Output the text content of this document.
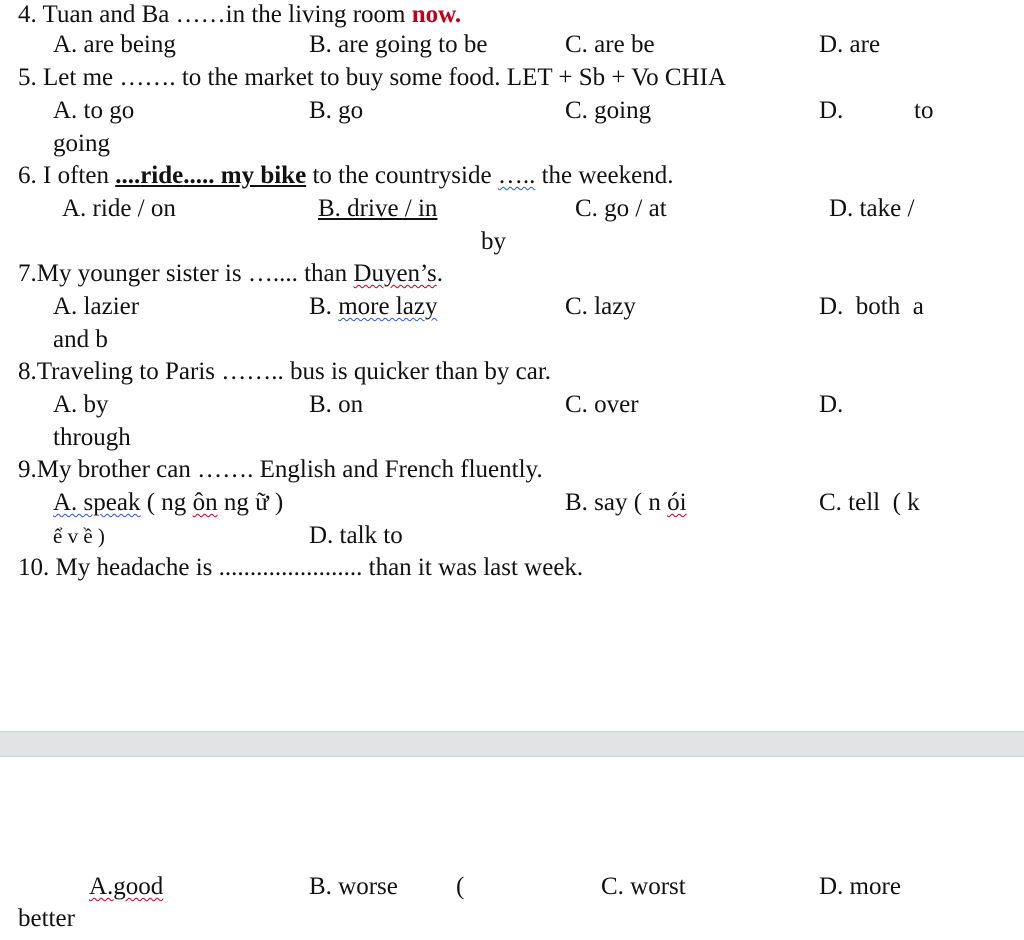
4. Tuan and Ba ……in the living room now.
A. are being	B. are going to be	C. are be	D. are
5. Let me ……. to the market to buy some food. LET + Sb + Vo CHIA
A. to go	B. go	C. going	D.	to
going
6. I often ....ride..... my bike to the countryside ….. the weekend.
A. ride / on	B. drive / in	C. go / at	D. take /
by
7.My younger sister is ….... than Duyen’s.
A. lazier	B. more lazy	C. lazy	D.  both  a
and b
8.Traveling to Paris …….. bus is quicker than by car.
A. by	B. on	C. over	D.
through
9.My brother can ……. English and French fluently.
A. speak ( ng ôn ng ữ )	B. say ( n ói	C. tell  ( k
ể v ề )	D. talk to
10. My headache is ....................... than it was last week.
A.good	B. worse (	C. worst	D. more
better
